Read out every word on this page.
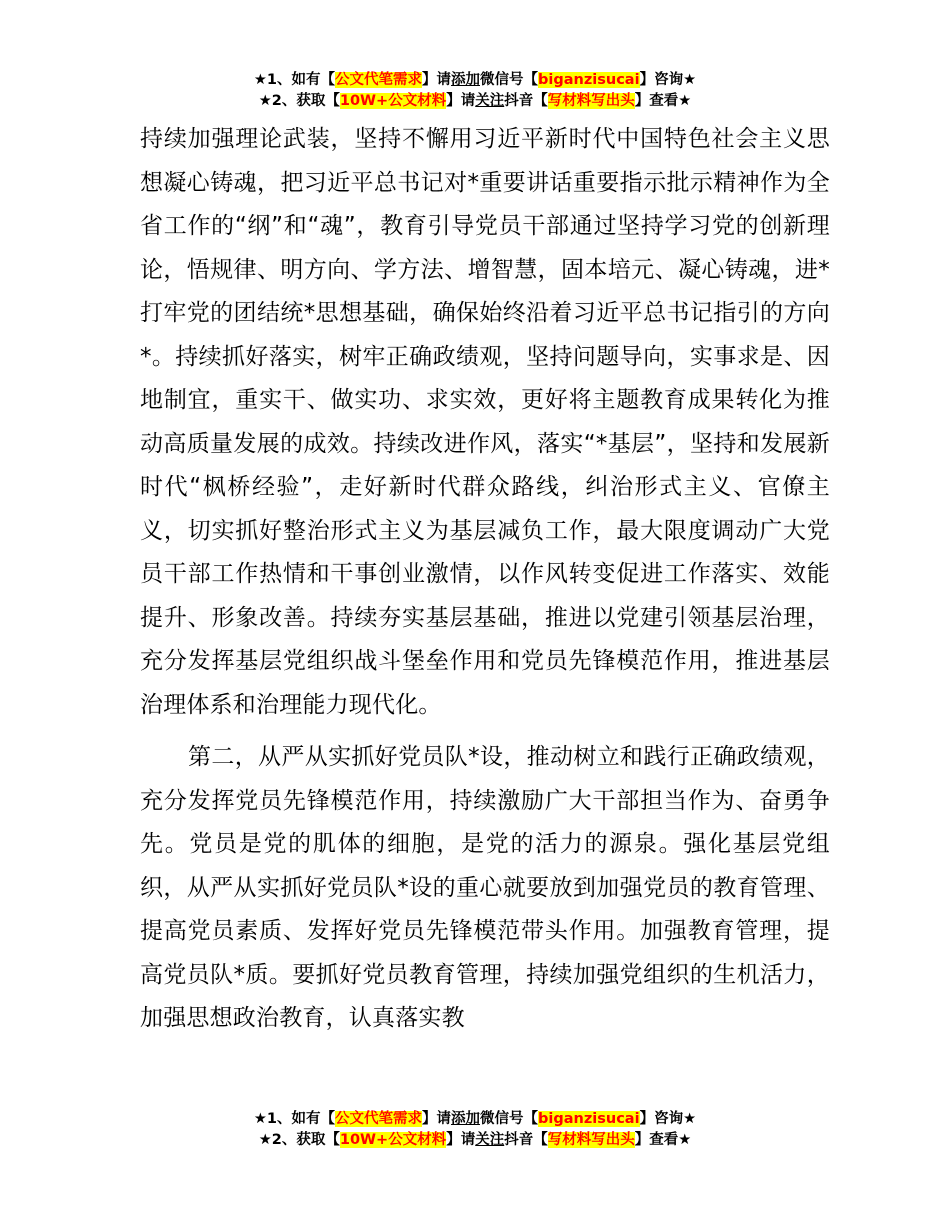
★1、如有【公文代笔需求】请添加微信号【biganzisucai】咨询★
★2、获取【10W+公文材料】请关注抖音【写材料写出头】查看★

持续加强理论武装，坚持不懈用习近平新时代中国特色社会主义思想凝心铸魂，把习近平总书记对*重要讲话重要指示批示精神作为全省工作的“纲”和“魂”，教育引导党员干部通过坚持学习党的创新理论，悟规律、明方向、学方法、增智慧，固本培元、凝心铸魂，进*打牢党的团结统*思想基础，确保始终沿着习近平总书记指引的方向*。持续抓好落实，树牢正确政绩观，坚持问题导向，实事求是、因地制宜，重实干、做实功、求实效，更好将主题教育成果转化为推动高质量发展的成效。持续改进作风，落实“*基层”，坚持和发展新时代“枫桥经验”，走好新时代群众路线，纠治形式主义、官僚主义，切实抓好整治形式主义为基层减负工作，最大限度调动广大党员干部工作热情和干事创业激情，以作风转变促进工作落实、效能提升、形象改善。持续夯实基层基础，推进以党建引领基层治理，充分发挥基层党组织战斗堡垒作用和党员先锋模范作用，推进基层治理体系和治理能力现代化。

第二，从严从实抓好党员队*设，推动树立和践行正确政绩观，充分发挥党员先锋模范作用，持续激励广大干部担当作为、奋勇争先。党员是党的肌体的细胞，是党的活力的源泉。强化基层党组织，从严从实抓好党员队*设的重心就要放到加强党员的教育管理、提高党员素质、发挥好党员先锋模范带头作用。加强教育管理，提高党员队*质。要抓好党员教育管理，持续加强党组织的生机活力，加强思想政治教育，认真落实教

★1、如有【公文代笔需求】请添加微信号【biganzisucai】咨询★
★2、获取【10W+公文材料】请关注抖音【写材料写出头】查看★
